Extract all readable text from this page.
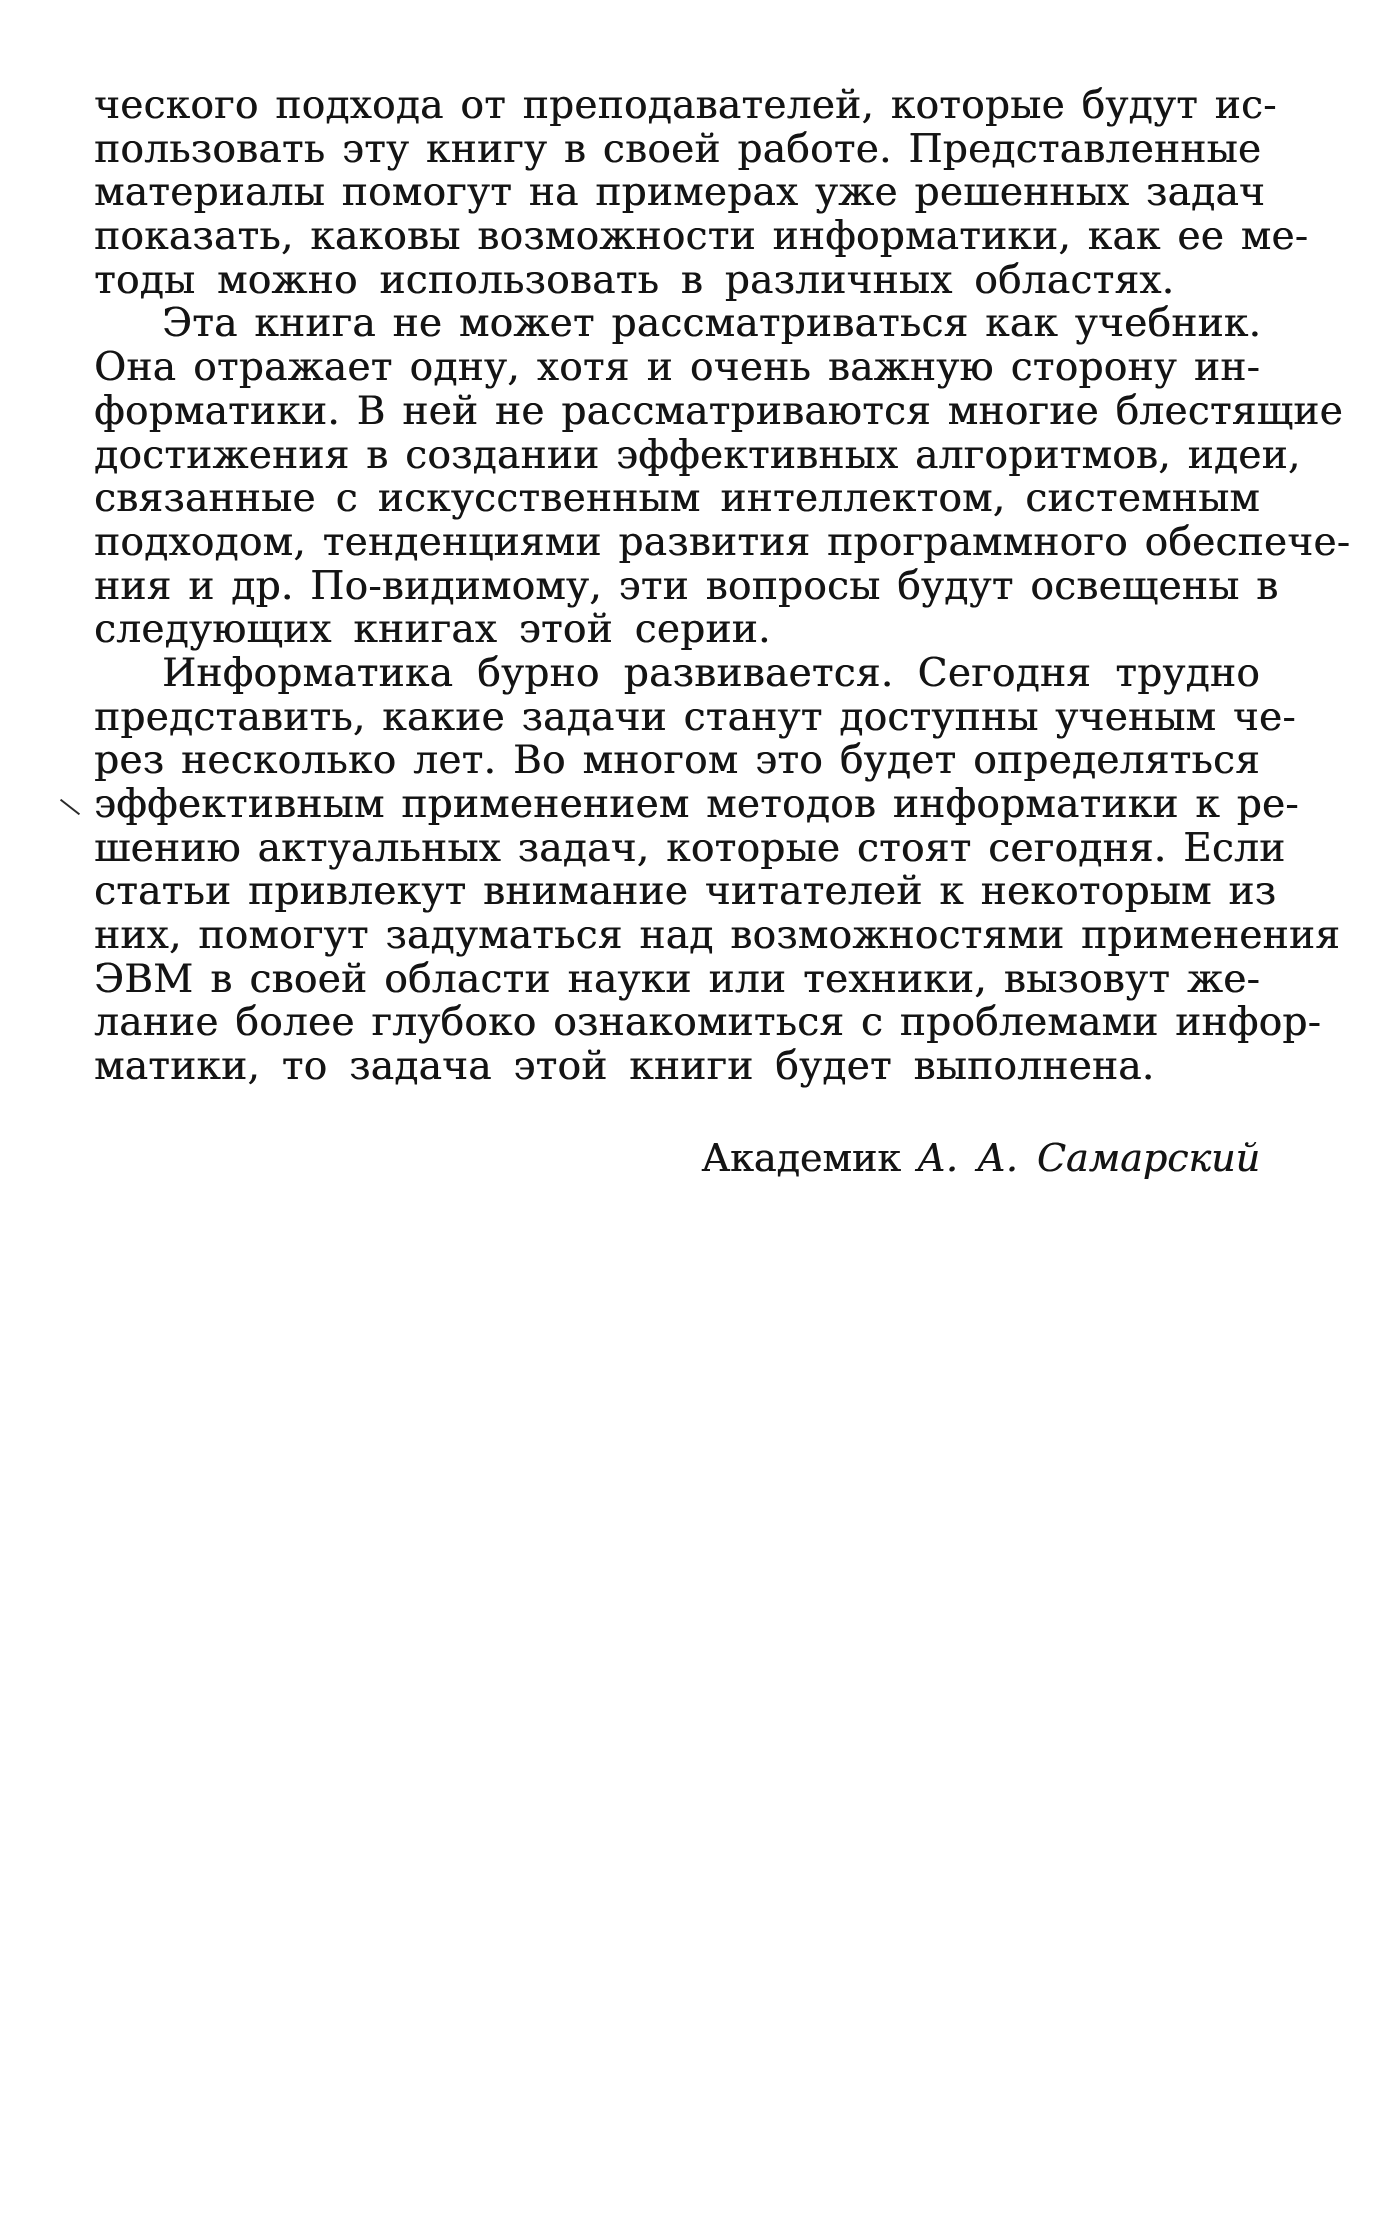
ческого подхода от преподавателей, которые будут ис-
пользовать эту книгу в своей работе. Представленные
материалы помогут на примерах уже решенных задач
показать, каковы возможности информатики, как ее ме-
тоды можно использовать в различных областях.
Эта книга не может рассматриваться как учебник.
Она отражает одну, хотя и очень важную сторону ин-
форматики. В ней не рассматриваются многие блестящие
достижения в создании эффективных алгоритмов, идеи,
связанные с искусственным интеллектом, системным
подходом, тенденциями развития программного обеспече-
ния и др. По-видимому, эти вопросы будут освещены в
следующих книгах этой серии.
Информатика бурно развивается. Сегодня трудно
представить, какие задачи станут доступны ученым че-
рез несколько лет. Во многом это будет определяться
эффективным применением методов информатики к ре-
шению актуальных задач, которые стоят сегодня. Если
статьи привлекут внимание читателей к некоторым из
них, помогут задуматься над возможностями применения
ЭВМ в своей области науки или техники, вызовут же-
лание более глубоко ознакомиться с проблемами инфор-
матики, то задача этой книги будет выполнена.
Академик А. А. Самарский
